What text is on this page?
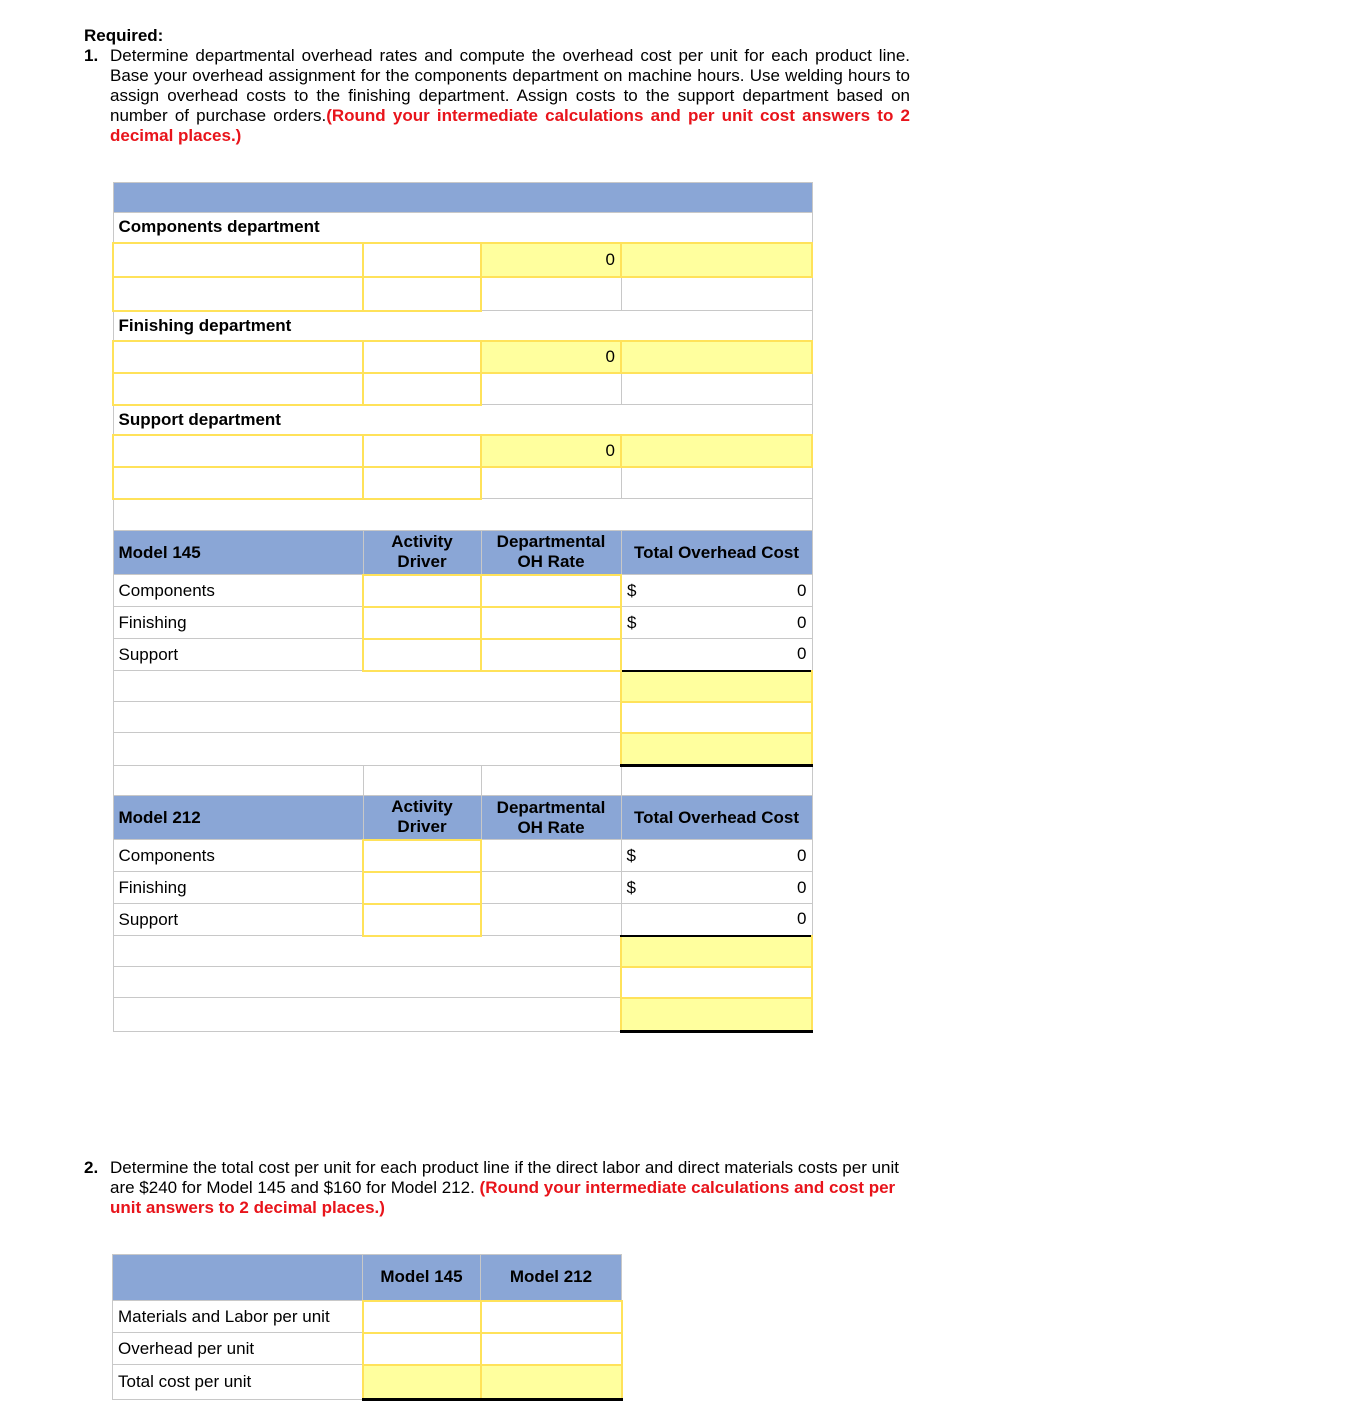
Required:
1. Determine departmental overhead rates and compute the overhead cost per unit for each product line. Base your overhead assignment for the components department on machine hours. Use welding hours to assign overhead costs to the finishing department. Assign costs to the support department based on number of purchase orders.(Round your intermediate calculations and per unit cost answers to 2 decimal places.)

Components department			
		0	

Finishing department			
		0	

Support department			
		0	

Model 145	Activity Driver	Departmental OH Rate	Total Overhead Cost
Components			$ 0
Finishing			$ 0
Support			0

Model 212	Activity Driver	Departmental OH Rate	Total Overhead Cost
Components			$ 0
Finishing			$ 0
Support			0

2. Determine the total cost per unit for each product line if the direct labor and direct materials costs per unit are $240 for Model 145 and $160 for Model 212. (Round your intermediate calculations and cost per unit answers to 2 decimal places.)
	Model 145	Model 212
Materials and Labor per unit		
Overhead per unit		
Total cost per unit		
